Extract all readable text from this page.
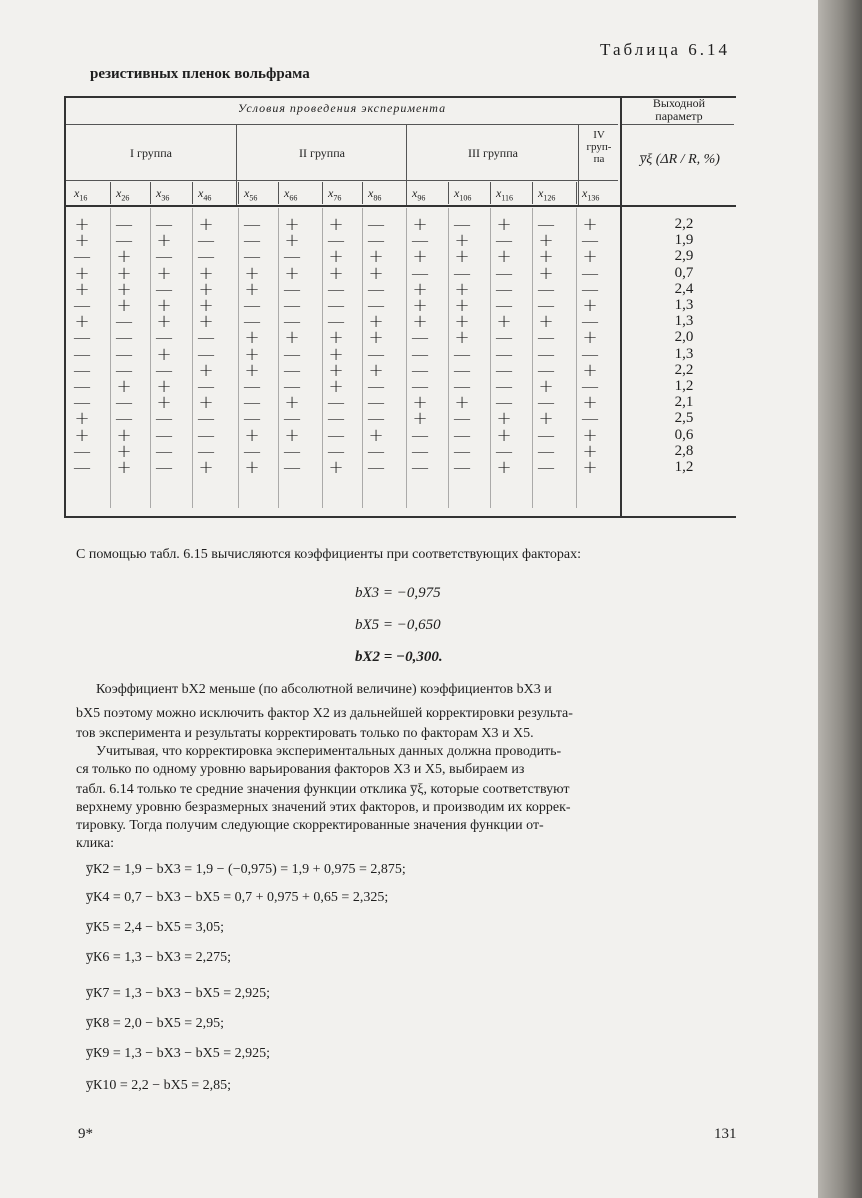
Таблица 6.14
резистивных пленок вольфрама
Условия проведения эксперимента	Выходной
параметр
I группа	II группа	III группа
IV
груп-
па	y̅ξ (ΔR / R, %)
$x_{16}$ $x_{26}$ $x_{36}$ $x_{46}$	$x_{56}$ $x_{66}$	$x_{76}$ $x_{86}$	$x_{96}$ $x_{106}$ $x_{116}$ $x_{126}$ $x_{136}$
+ — — + — + + — + — + — +	2,2
+ — + — — + — — — + — + —	1,9
— + — — — — + + + + + + +	2,9
+ + + + + + + + — — — + —	0,7
+ + — + + — — — + + — — —	2,4
— + + + — — — — + + — — +	1,3
+ — + + — — — + + + + + —	1,3
— — — — + + + + — + — — +	2,0
— — + — + — + — — — — — —	1,3
— — — + + — + + — — — — +	2,2
— + + — — — + — — — — + —	1,2
— — + + — + — — + + — — +	2,1
+ — — — — — — — + — + + —	2,5
+ + — — + + — + — — + — +	0,6
— + — — — — — — — — — — +	2,8
— + — + + — + — — — + — +	1,2
С помощью табл. 6.15 вычисляются коэффициенты при соответствующих факторах:
bX3 = −0,975
bX5 = −0,650
bX2 = −0,300.
Коэффициент bX2 меньше (по абсолютной величине) коэффициентов bX3 и
bX5 поэтому можно исключить фактор X2 из дальнейшей корректировки результа-
тов эксперимента и результаты корректировать только по факторам X3 и X5.
Учитывая, что корректировка экспериментальных данных должна проводить-
ся только по одному уровню варьирования факторов X3 и X5, выбираем из
табл. 6.14 только те средние значения функции отклика y̅ξ, которые соответствуют
верхнему уровню безразмерных значений этих факторов, и производим их коррек-
тировку. Тогда получим следующие скорректированные значения функции от-
клика:
y̅К2 = 1,9 − bX3 = 1,9 − (−0,975) = 1,9 + 0,975 = 2,875;
y̅К4 = 0,7 − bX3 − bX5 = 0,7 + 0,975 + 0,65 = 2,325;
y̅К5 = 2,4 − bX5 = 3,05;
y̅К6 = 1,3 − bX3 = 2,275;
y̅К7 = 1,3 − bX3 − bX5 = 2,925;
y̅К8 = 2,0 − bX5 = 2,95;
y̅К9 = 1,3 − bX3 − bX5 = 2,925;
y̅К10 = 2,2 − bX5 = 2,85;
9*	131
